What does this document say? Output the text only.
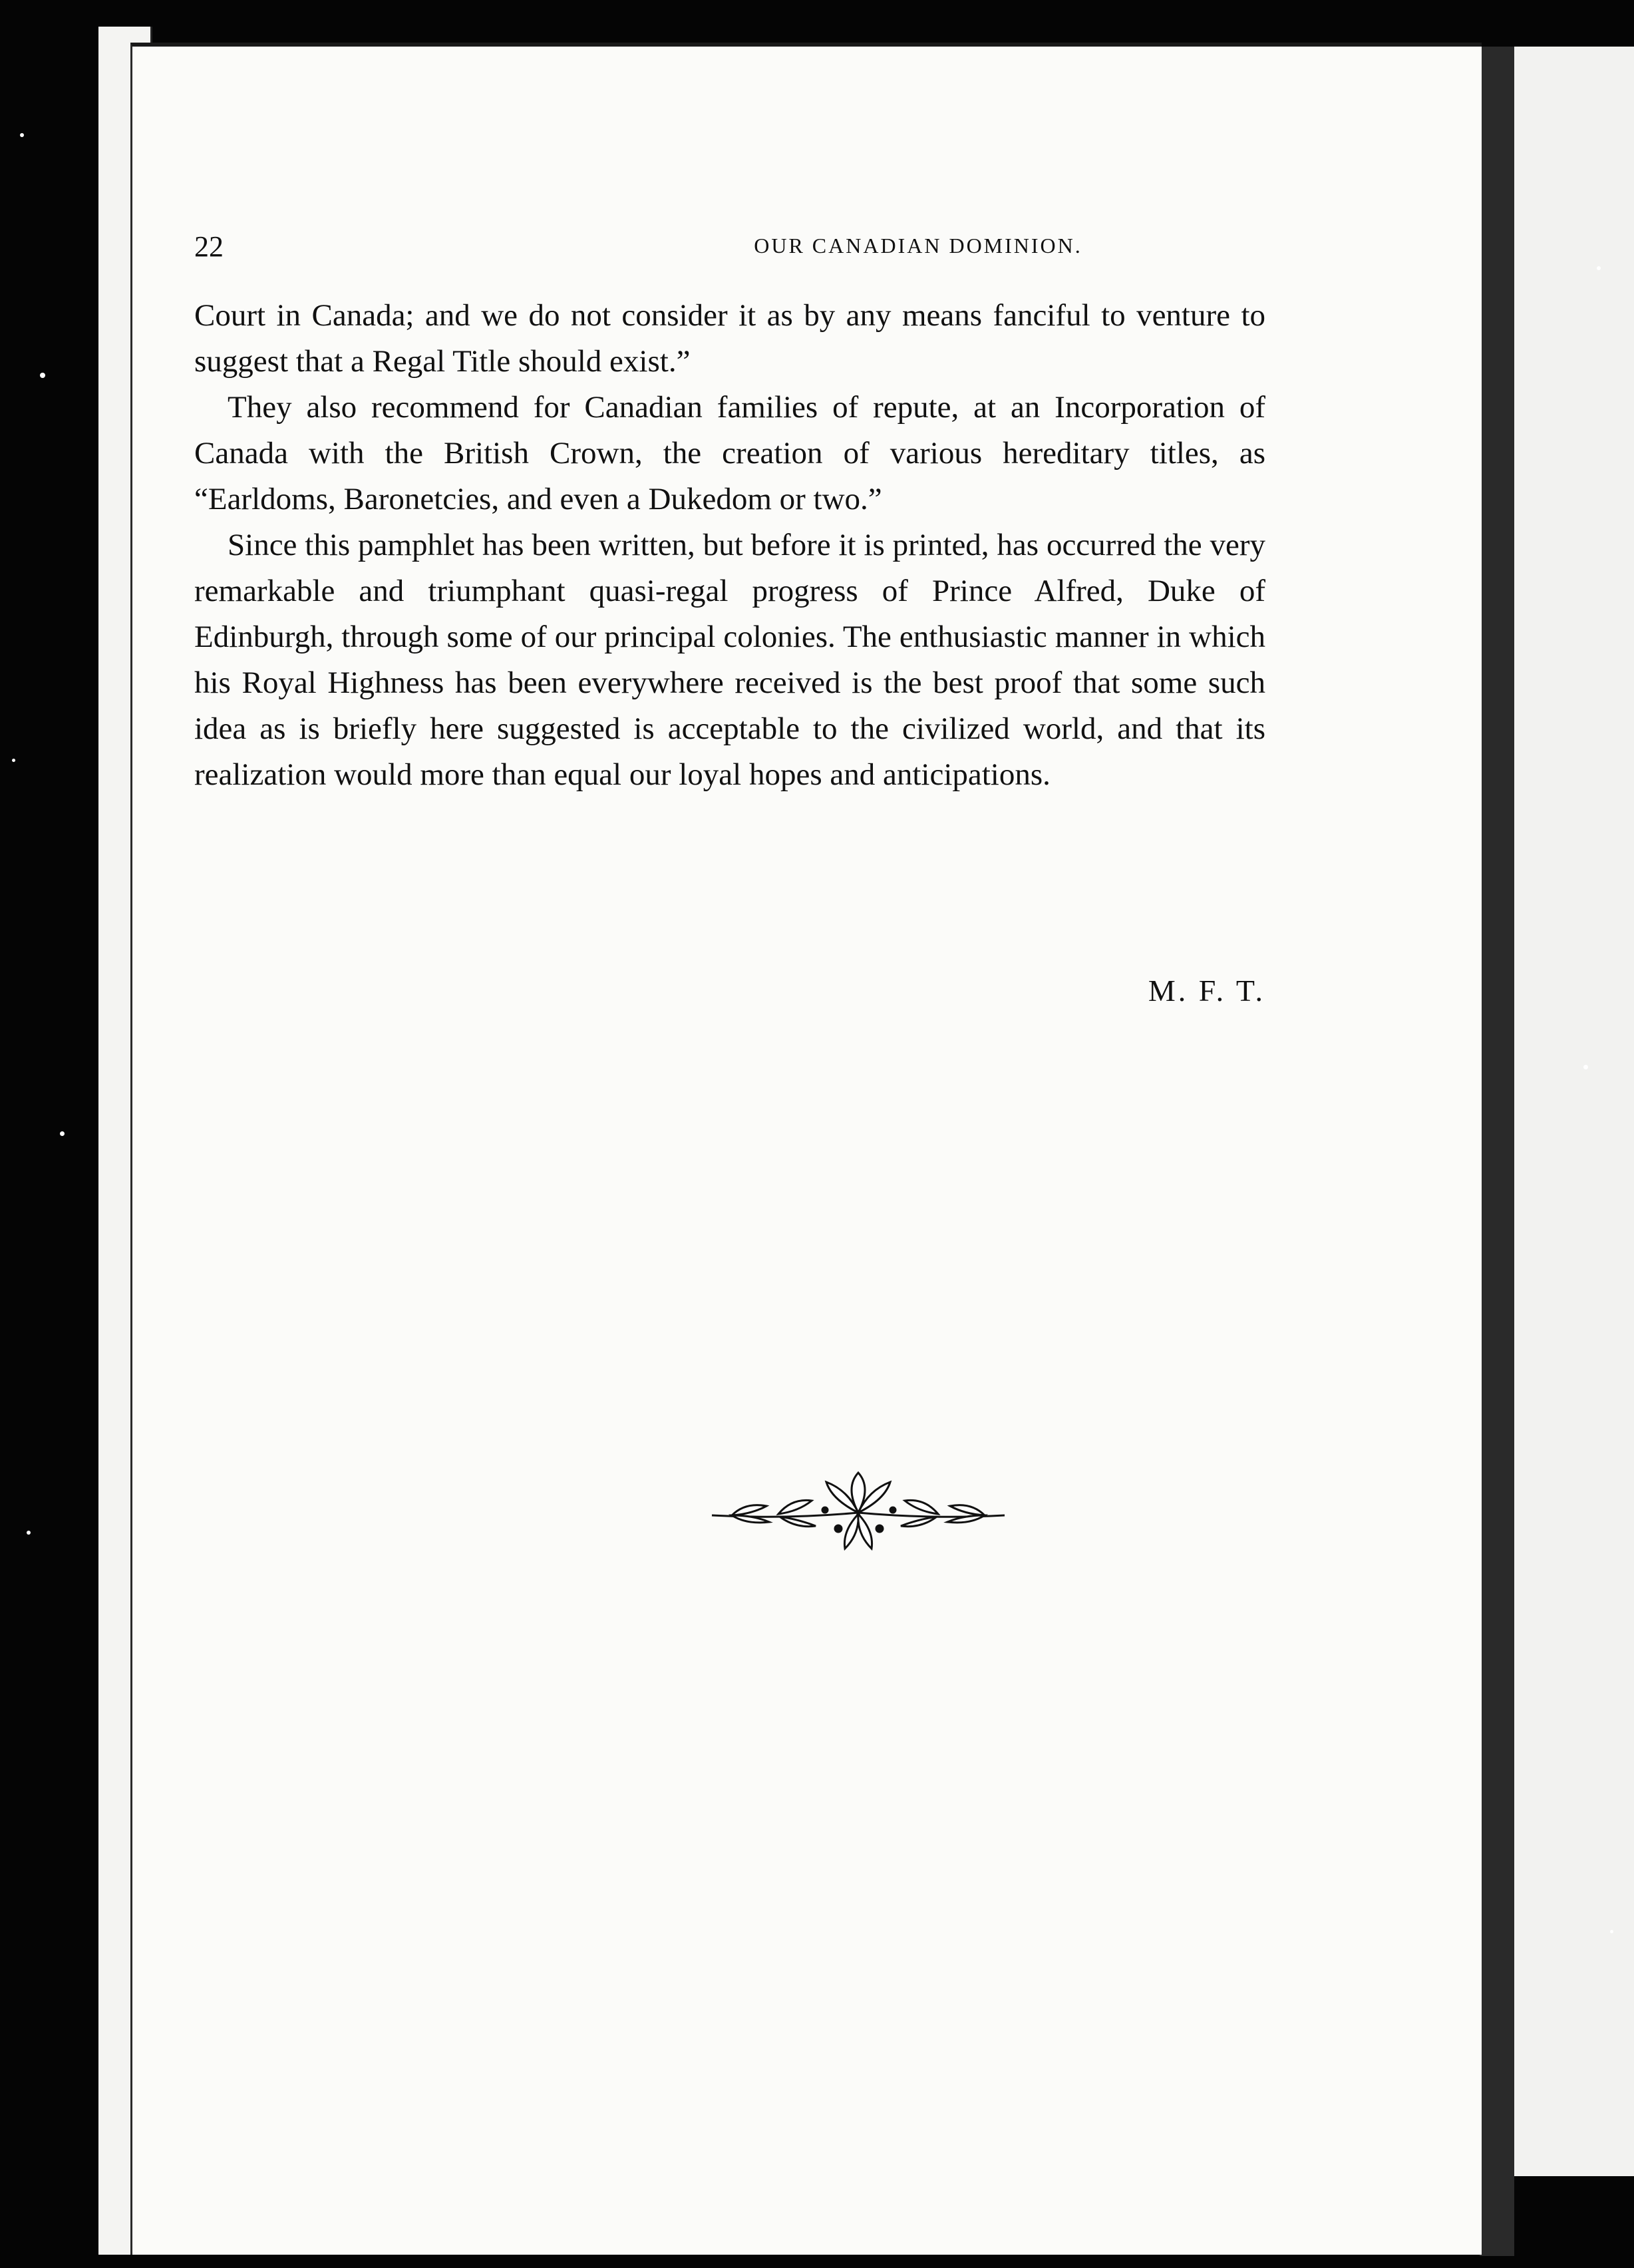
22	OUR CANADIAN DOMINION.

Court in Canada; and we do not consider it as by any means fanciful to venture to suggest that a Regal Title should exist.”

They also recommend for Canadian families of repute, at an Incorporation of Canada with the British Crown, the creation of various hereditary titles, as “Earldoms, Baronetcies, and even a Dukedom or two.”

Since this pamphlet has been written, but before it is printed, has occurred the very remarkable and triumphant quasi-regal progress of Prince Alfred, Duke of Edinburgh, through some of our principal colonies. The enthusiastic manner in which his Royal Highness has been everywhere received is the best proof that some such idea as is briefly here suggested is acceptable to the civilized world, and that its realization would more than equal our loyal hopes and anticipations.

M. F. T.
